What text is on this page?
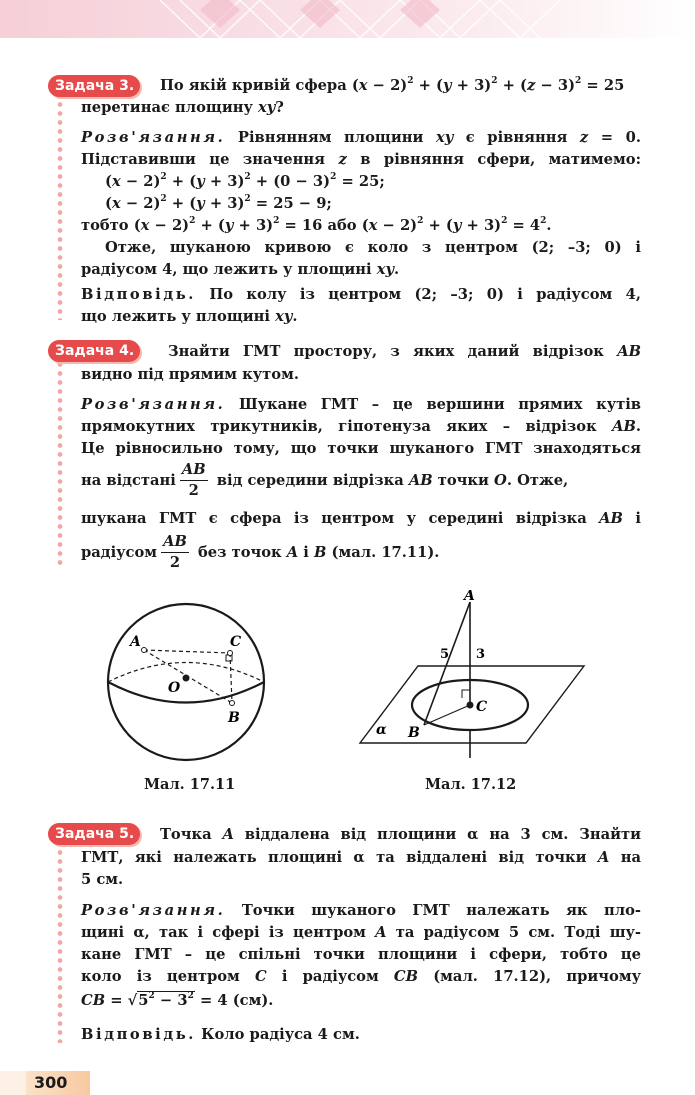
Задача 3.	По якій кривій сфера $(x - 2)^2 + (y + 3)^2 + (z - 3)^2 = 25$
перетинає площину xy?
Розв'язання. Рівнянням площини xy є рівняння z = 0.
Підставивши це значення z в рівняння сфери, матимемо:
$(x - 2)^2 + (y + 3)^2 + (0 - 3)^2 = 25$;
$(x - 2)^2 + (y + 3)^2 = 25 - 9$;
тобто $(x - 2)^2 + (y + 3)^2 = 16$ або $(x - 2)^2 + (y + 3)^2 = 4^2$.
Отже, шуканою кривою є коло з центром (2; –3; 0) і
радіусом 4, що лежить у площині xy.
Відповідь. По колу із центром (2; –3; 0) і радіусом 4,
що лежить у площині xy.
Задача 4.	Знайти ГМТ простору, з яких даний відрізок AB
видно під прямим кутом.
Розв'язання. Шукане ГМТ – це вершини прямих кутів
прямокутних трикутників, гіпотенуза яких – відрізок AB.
Це рівносильно тому, що точки шуканого ГМТ знаходяться
на відстані $\frac{AB}{2}$ від середини відрізка AB точки O. Отже,
шукана ГМТ є сфера із центром у середині відрізка AB і
радіусом $\frac{AB}{2}$ без точок A і B (мал. 17.11).
A	C
O
B
A
5 3
C
α B
Мал. 17.11	Мал. 17.12
Задача 5.	Точка A віддалена від площини α на 3 см. Знайти
ГМТ, які належать площині α та віддалені від точки A на
5 см.
Розв'язання. Точки шуканого ГМТ належать як пло-
щині α, так і сфері із центром A та радіусом 5 см. Тоді шу-
кане ГМТ – це спільні точки площини і сфери, тобто це
коло із центром C і радіусом CB (мал. 17.12), причому
CB = $√5^2 - 3^2 = 4$ (см).
Відповідь. Коло радіуса 4 см.
300
